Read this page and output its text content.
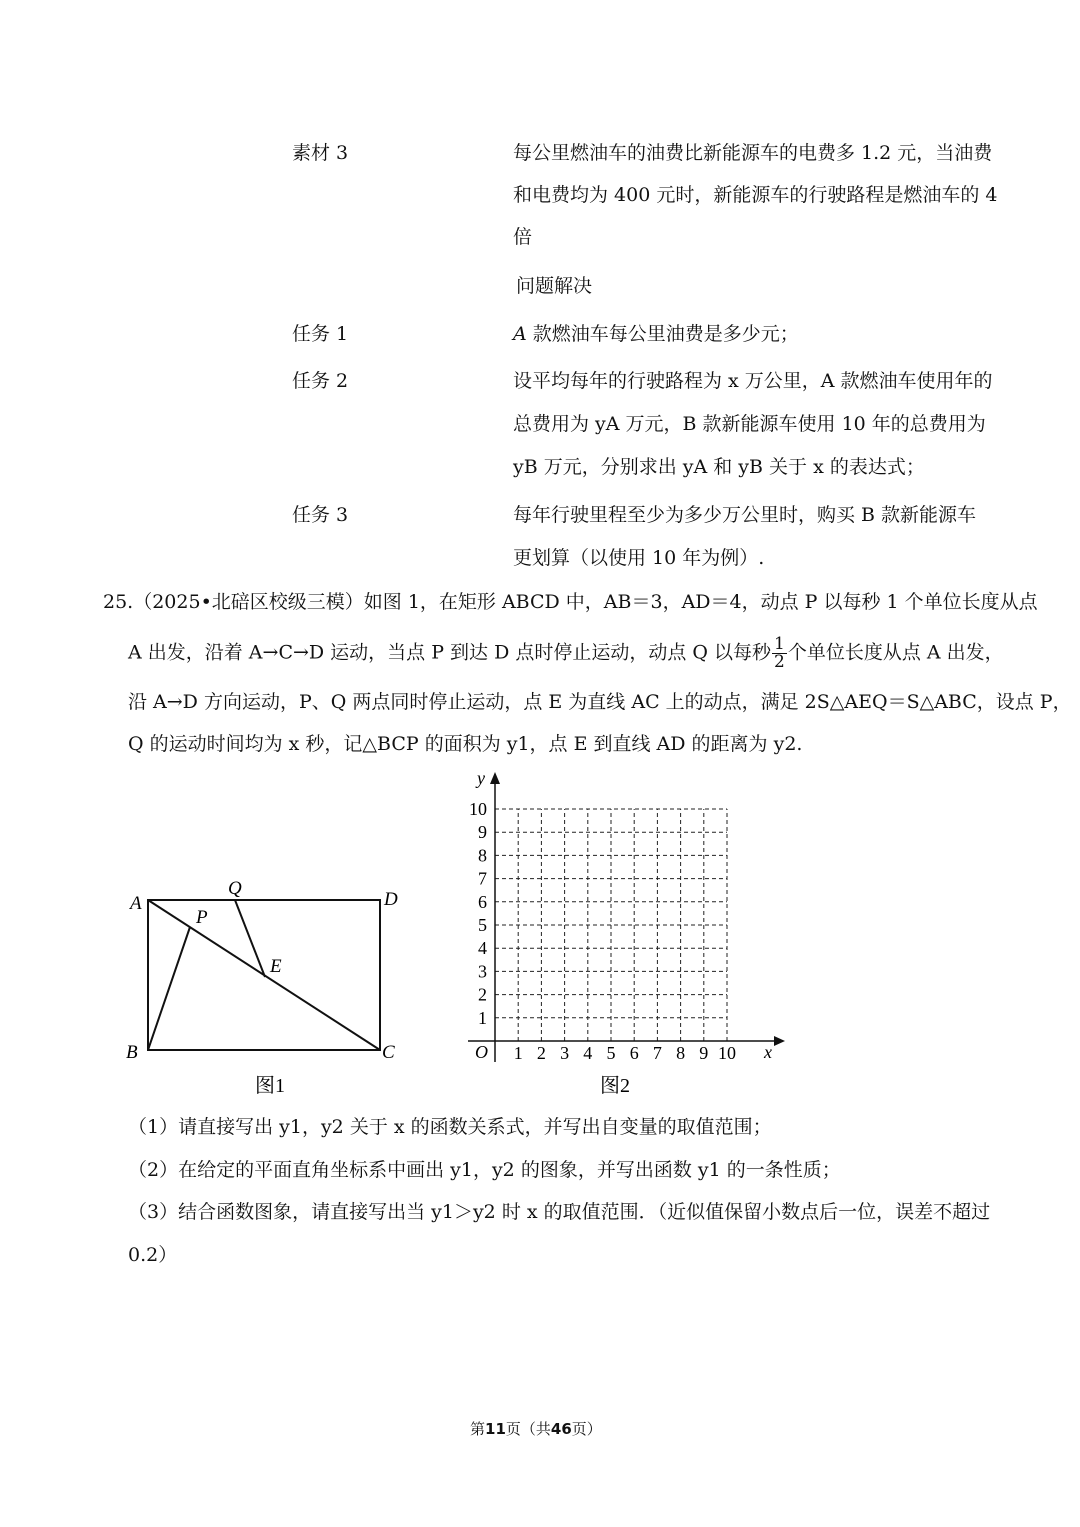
素材 3	每公里燃油车的油费比新能源车的电费多 1.2 元，当油费
和电费均为 400 元时，新能源车的行驶路程是燃油车的 4
倍
问题解决
任务 1	A 款燃油车每公里油费是多少元；
任务 2	设平均每年的行驶路程为 x 万公里，A 款燃油车使用年的
总费用为 yA 万元，B 款新能源车使用 10 年的总费用为
yB 万元，分别求出 yA 和 yB 关于 x 的表达式；
任务 3	每年行驶里程至少为多少万公里时，购买 B 款新能源车
更划算（以使用 10 年为例）.
25.（2025•北碚区校级三模）如图 1，在矩形 ABCD 中，AB＝3，AD＝4，动点 P 以每秒 1 个单位长度从点
A 出发，沿着 A→C→D 运动，当点 P 到达 D 点时停止运动，动点 Q 以每秒 $\frac{1}{2}$ 个单位长度从点 A 出发，
沿 A→D 方向运动，P、Q 两点同时停止运动，点 E 为直线 AC 上的动点，满足 2S△AEQ＝S△ABC，设点 P，
Q 的运动时间均为 x 秒，记△BCP 的面积为 y1，点 E 到直线 AD 的距离为 y2.
A	D
B	C
P
Q
E
图1
y
x
O 1 2 3 4 5 6 7 8 9 10
1
2
3
4
5
6
7
8
9
10
图2
（1）请直接写出 y1，y2 关于 x 的函数关系式，并写出自变量的取值范围；
（2）在给定的平面直角坐标系中画出 y1，y2 的图象，并写出函数 y1 的一条性质；
（3）结合函数图象，请直接写出当 y1＞y2 时 x 的取值范围．（近似值保留小数点后一位，误差不超过
0.2）
第11页（共46页）
